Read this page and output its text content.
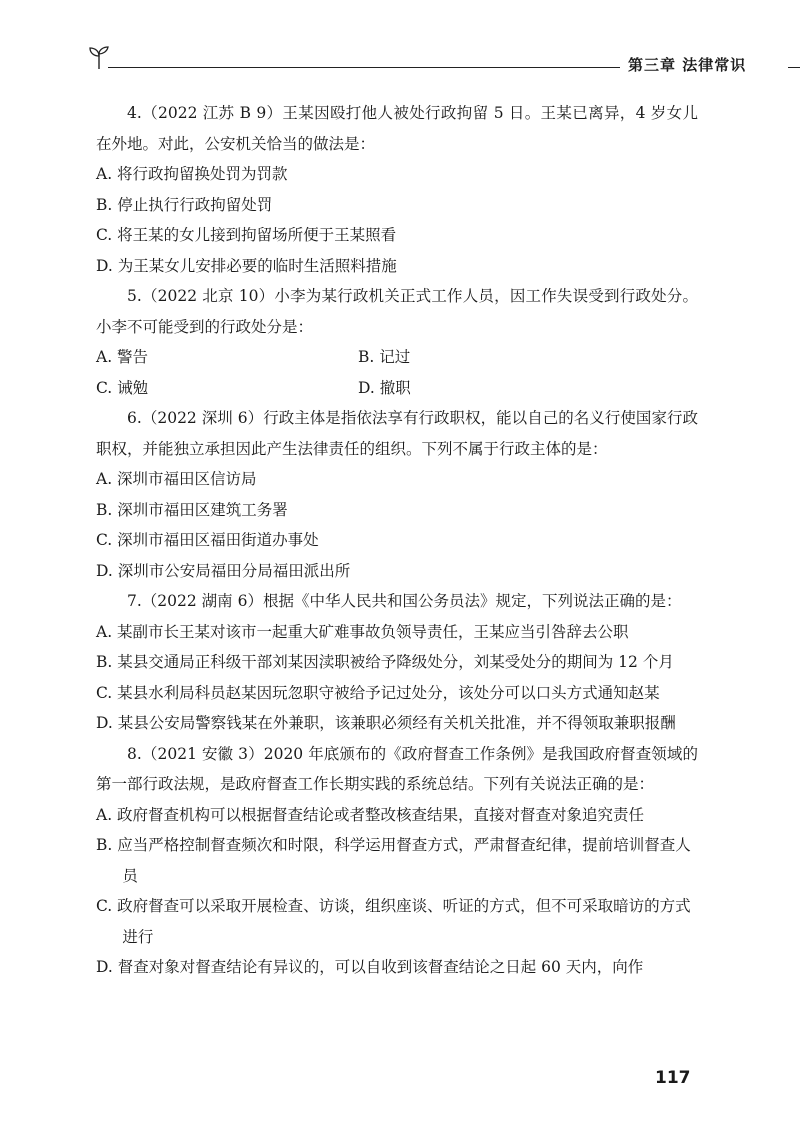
第三章 法律常识

4.（2022 江苏 B 9）王某因殴打他人被处行政拘留 5 日。王某已离异，4 岁女儿在外地。对此，公安机关恰当的做法是：

A. 将行政拘留换处罚为罚款

B. 停止执行行政拘留处罚

C. 将王某的女儿接到拘留场所便于王某照看

D. 为王某女儿安排必要的临时生活照料措施

5.（2022 北京 10）小李为某行政机关正式工作人员，因工作失误受到行政处分。小李不可能受到的行政处分是：

A. 警告	B. 记过

C. 诫勉	D. 撤职

6.（2022 深圳 6）行政主体是指依法享有行政职权，能以自己的名义行使国家行政职权，并能独立承担因此产生法律责任的组织。下列不属于行政主体的是：

A. 深圳市福田区信访局

B. 深圳市福田区建筑工务署

C. 深圳市福田区福田街道办事处

D. 深圳市公安局福田分局福田派出所

7.（2022 湖南 6）根据《中华人民共和国公务员法》规定，下列说法正确的是：

A. 某副市长王某对该市一起重大矿难事故负领导责任，王某应当引咎辞去公职

B. 某县交通局正科级干部刘某因渎职被给予降级处分，刘某受处分的期间为 12 个月

C. 某县水利局科员赵某因玩忽职守被给予记过处分，该处分可以口头方式通知赵某

D. 某县公安局警察钱某在外兼职，该兼职必须经有关机关批准，并不得领取兼职报酬

8.（2021 安徽 3）2020 年底颁布的《政府督查工作条例》是我国政府督查领域的第一部行政法规，是政府督查工作长期实践的系统总结。下列有关说法正确的是：

A. 政府督查机构可以根据督查结论或者整改核查结果，直接对督查对象追究责任

B. 应当严格控制督查频次和时限，科学运用督查方式，严肃督查纪律，提前培训督查人员

C. 政府督查可以采取开展检查、访谈，组织座谈、听证的方式，但不可采取暗访的方式进行

D. 督查对象对督查结论有异议的，可以自收到该督查结论之日起 60 天内，向作

117
